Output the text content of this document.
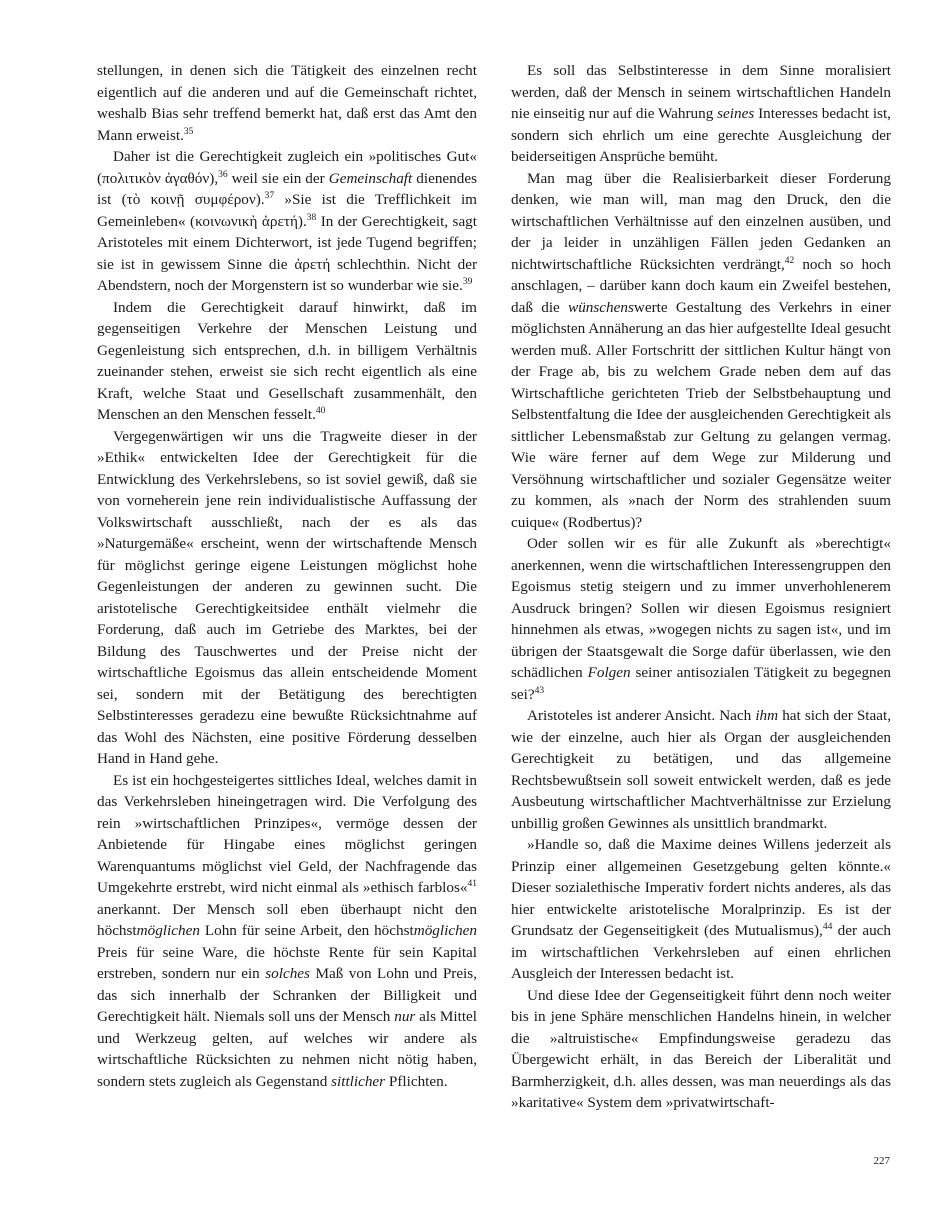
stellungen, in denen sich die Tätigkeit des einzelnen recht eigentlich auf die anderen und auf die Gemeinschaft richtet, weshalb Bias sehr treffend bemerkt hat, daß erst das Amt den Mann erweist.$^{35}$

Daher ist die Gerechtigkeit zugleich ein »politisches Gut« (πολιτικὸν ἀγαθόν),$^{36}$ weil sie ein der Gemeinschaft dienendes ist (τὸ κοινῇ συμφέρον).$^{37}$ »Sie ist die Trefflichkeit im Gemeinleben« (κοινωνικὴ ἀρετή).$^{38}$ In der Gerechtigkeit, sagt Aristoteles mit einem Dichterwort, ist jede Tugend begriffen; sie ist in gewissem Sinne die ἀρετή schlechthin. Nicht der Abendstern, noch der Morgenstern ist so wunderbar wie sie.$^{39}$

Indem die Gerechtigkeit darauf hinwirkt, daß im gegenseitigen Verkehre der Menschen Leistung und Gegenleistung sich entsprechen, d.h. in billigem Verhältnis zueinander stehen, erweist sie sich recht eigentlich als eine Kraft, welche Staat und Gesellschaft zusammenhält, den Menschen an den Menschen fesselt.$^{40}$

Vergegenwärtigen wir uns die Tragweite dieser in der »Ethik« entwickelten Idee der Gerechtigkeit für die Entwicklung des Verkehrslebens, so ist soviel gewiß, daß sie von vorneherein jene rein individualistische Auffassung der Volkswirtschaft ausschließt, nach der es als das »Naturgemäße« erscheint, wenn der wirtschaftende Mensch für möglichst geringe eigene Leistungen möglichst hohe Gegenleistungen der anderen zu gewinnen sucht. Die aristotelische Gerechtigkeitsidee enthält vielmehr die Forderung, daß auch im Getriebe des Marktes, bei der Bildung des Tauschwertes und der Preise nicht der wirtschaftliche Egoismus das allein entscheidende Moment sei, sondern mit der Betätigung des berechtigten Selbstinteresses geradezu eine bewußte Rücksichtnahme auf das Wohl des Nächsten, eine positive Förderung desselben Hand in Hand gehe.

Es ist ein hochgesteigertes sittliches Ideal, welches damit in das Verkehrsleben hineingetragen wird. Die Verfolgung des rein »wirtschaftlichen Prinzipes«, vermöge dessen der Anbietende für Hingabe eines möglichst geringen Warenquantums möglichst viel Geld, der Nachfragende das Umgekehrte erstrebt, wird nicht einmal als »ethisch farblos«$^{41}$ anerkannt. Der Mensch soll eben überhaupt nicht den höchstmöglichen Lohn für seine Arbeit, den höchstmöglichen Preis für seine Ware, die höchste Rente für sein Kapital erstreben, sondern nur ein solches Maß von Lohn und Preis, das sich innerhalb der Schranken der Billigkeit und Gerechtigkeit hält. Niemals soll uns der Mensch nur als Mittel und Werkzeug gelten, auf welches wir andere als wirtschaftliche Rücksichten zu nehmen nicht nötig haben, sondern stets zugleich als Gegenstand sittlicher Pflichten.

Es soll das Selbstinteresse in dem Sinne moralisiert werden, daß der Mensch in seinem wirtschaftlichen Handeln nie einseitig nur auf die Wahrung seines Interesses bedacht ist, sondern sich ehrlich um eine gerechte Ausgleichung der beiderseitigen Ansprüche bemüht.

Man mag über die Realisierbarkeit dieser Forderung denken, wie man will, man mag den Druck, den die wirtschaftlichen Verhältnisse auf den einzelnen ausüben, und der ja leider in unzähligen Fällen jeden Gedanken an nichtwirtschaftliche Rücksichten verdrängt,$^{42}$ noch so hoch anschlagen, – darüber kann doch kaum ein Zweifel bestehen, daß die wünschenswerte Gestaltung des Verkehrs in einer möglichsten Annäherung an das hier aufgestellte Ideal gesucht werden muß. Aller Fortschritt der sittlichen Kultur hängt von der Frage ab, bis zu welchem Grade neben dem auf das Wirtschaftliche gerichteten Trieb der Selbstbehauptung und Selbstentfaltung die Idee der ausgleichenden Gerechtigkeit als sittlicher Lebensmaßstab zur Geltung zu gelangen vermag. Wie wäre ferner auf dem Wege zur Milderung und Versöhnung wirtschaftlicher und sozialer Gegensätze weiter zu kommen, als »nach der Norm des strahlenden suum cuique« (Rodbertus)?

Oder sollen wir es für alle Zukunft als »berechtigt« anerkennen, wenn die wirtschaftlichen Interessengruppen den Egoismus stetig steigern und zu immer unverhohlenerem Ausdruck bringen? Sollen wir diesen Egoismus resigniert hinnehmen als etwas, »wogegen nichts zu sagen ist«, und im übrigen der Staatsgewalt die Sorge dafür überlassen, wie den schädlichen Folgen seiner antisozialen Tätigkeit zu begegnen sei?$^{43}$

Aristoteles ist anderer Ansicht. Nach ihm hat sich der Staat, wie der einzelne, auch hier als Organ der ausgleichenden Gerechtigkeit zu betätigen, und das allgemeine Rechtsbewußtsein soll soweit entwickelt werden, daß es jede Ausbeutung wirtschaftlicher Machtverhältnisse zur Erzielung unbillig großen Gewinnes als unsittlich brandmarkt.

»Handle so, daß die Maxime deines Willens jederzeit als Prinzip einer allgemeinen Gesetzgebung gelten könnte.« Dieser sozialethische Imperativ fordert nichts anderes, als das hier entwickelte aristotelische Moralprinzip. Es ist der Grundsatz der Gegenseitigkeit (des Mutualismus),$^{44}$ der auch im wirtschaftlichen Verkehrsleben auf einen ehrlichen Ausgleich der Interessen bedacht ist.

Und diese Idee der Gegenseitigkeit führt denn noch weiter bis in jene Sphäre menschlichen Handelns hinein, in welcher die »altruistische« Empfindungsweise geradezu das Übergewicht erhält, in das Bereich der Liberalität und Barmherzigkeit, d.h. alles dessen, was man neuerdings als das »karitative« System dem »privatwirtschaft-

227
